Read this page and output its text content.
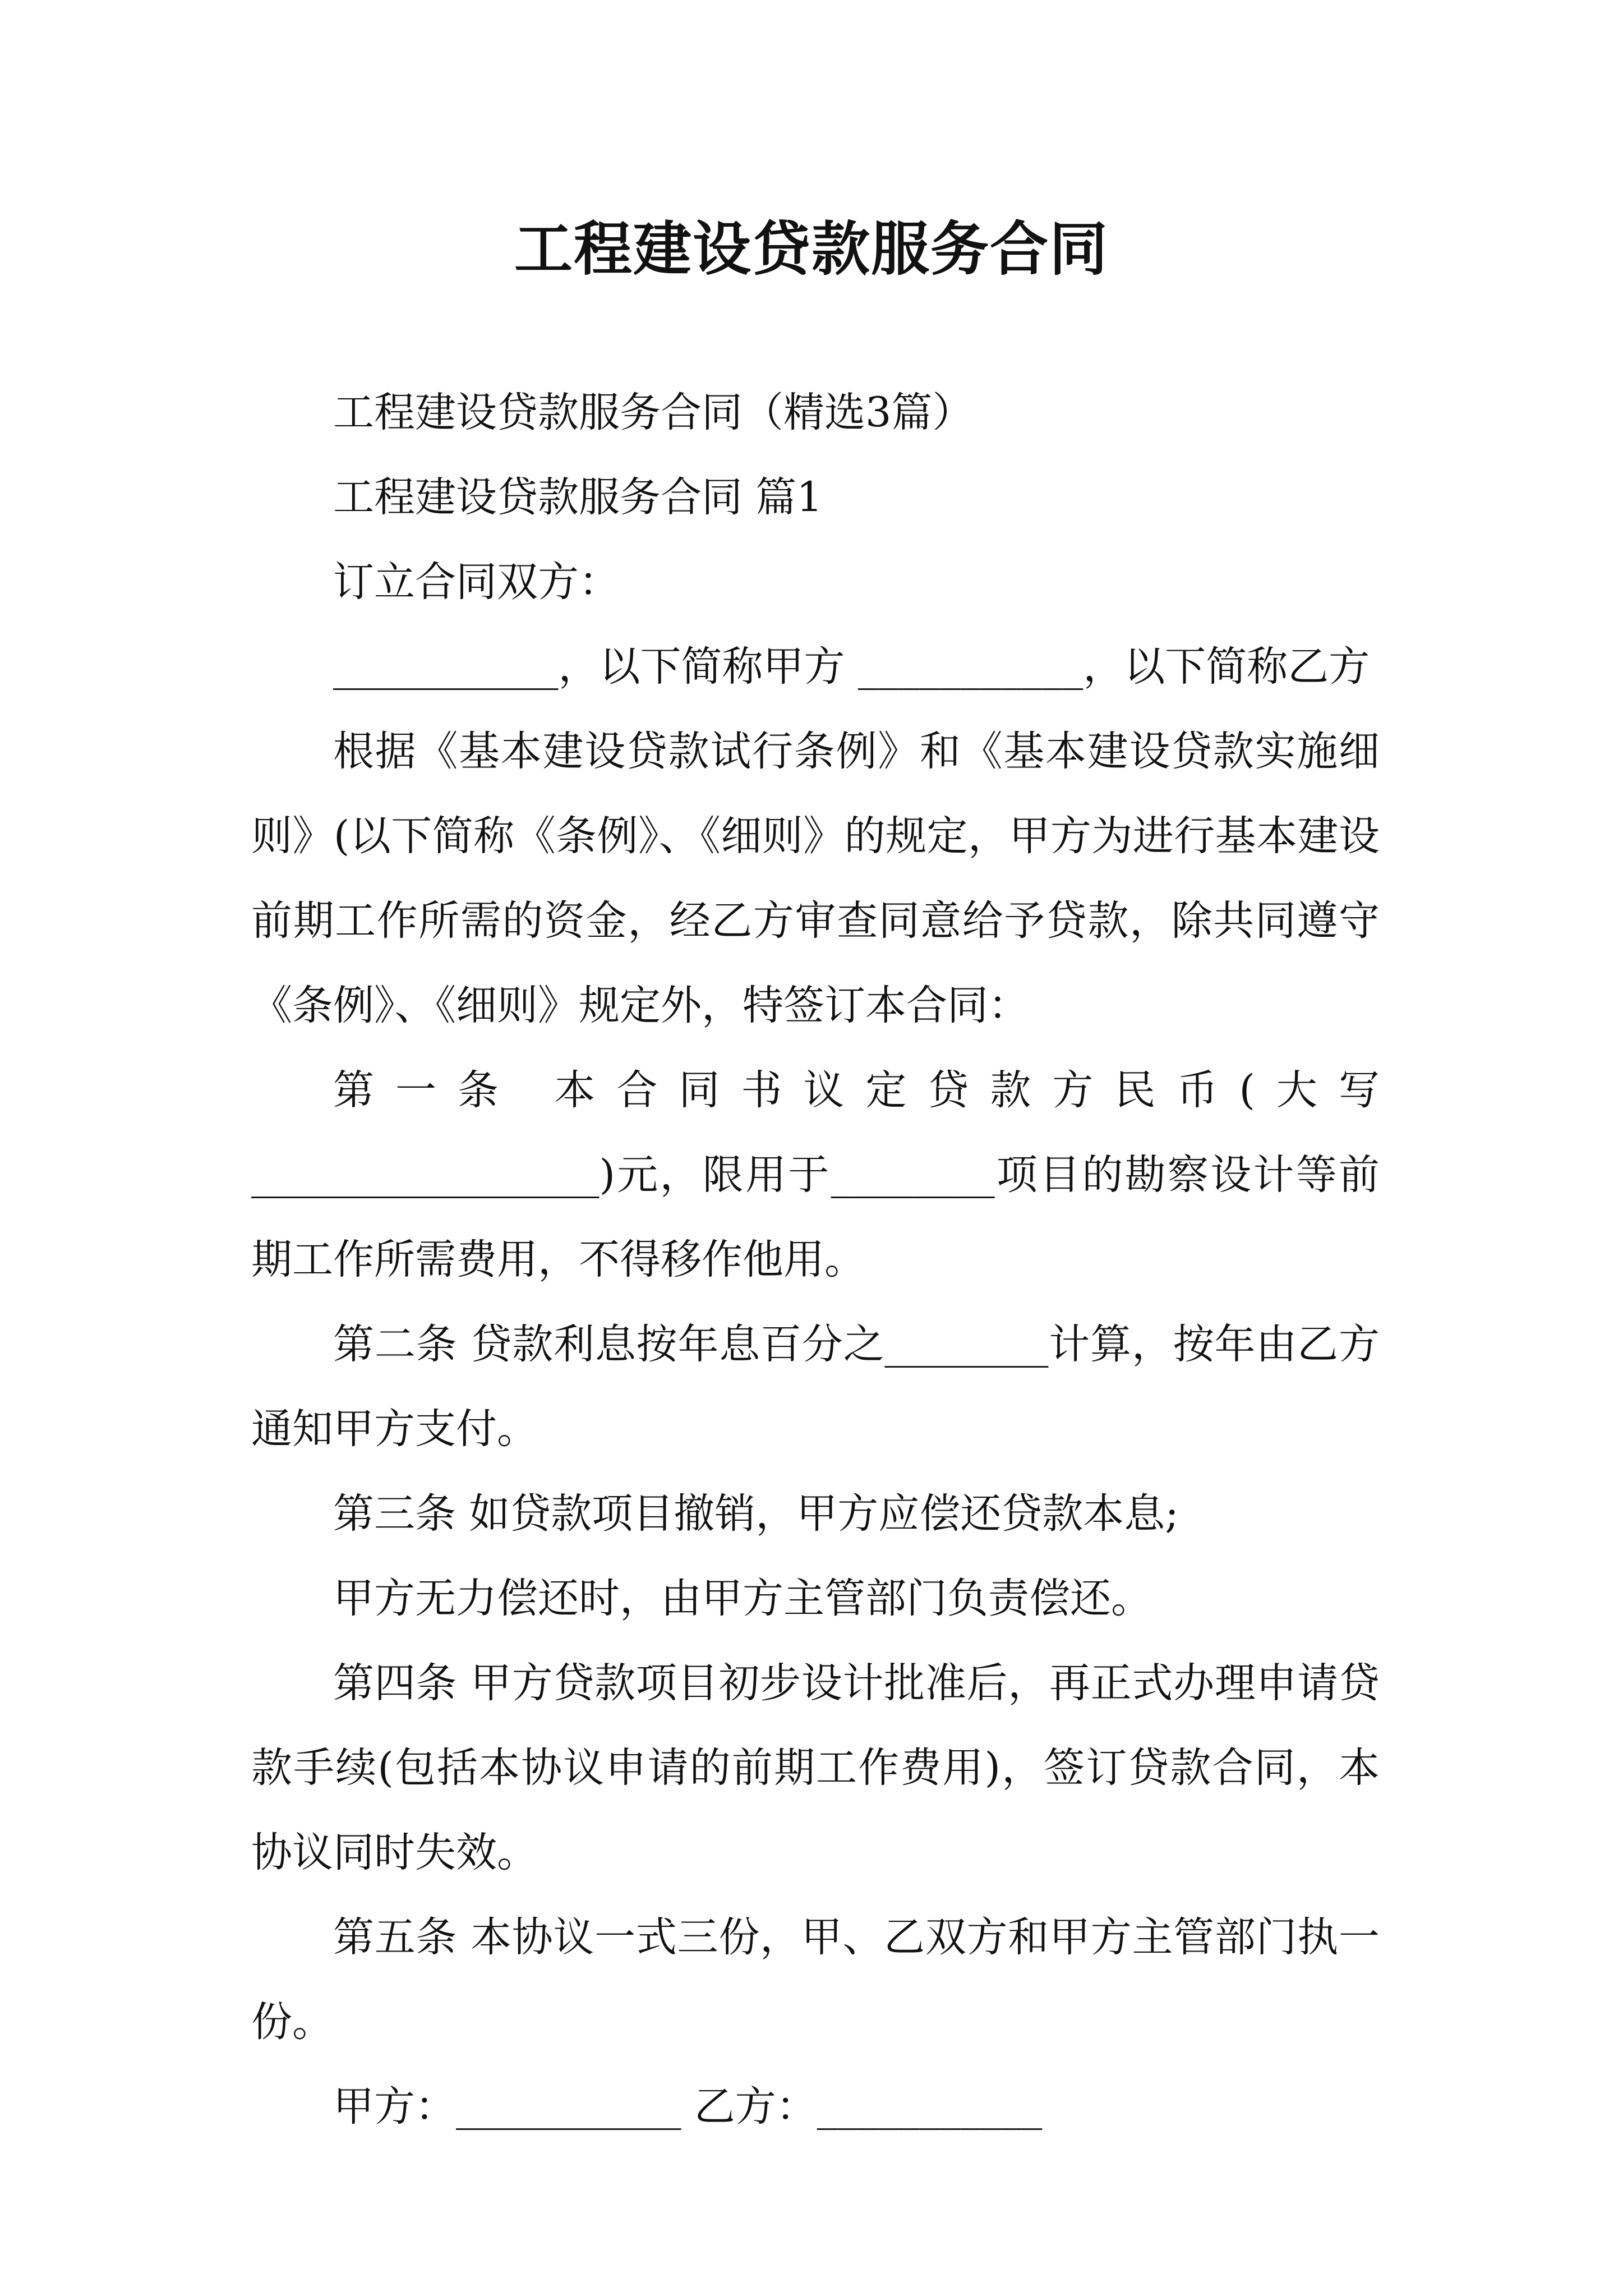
工程建设贷款服务合同

工程建设贷款服务合同（精选3篇）

工程建设贷款服务合同 篇1

订立合同双方：

___________，以下简称甲方 ___________，以下简称乙方

根据《基本建设贷款试行条例》和《基本建设贷款实施细则》(以下简称《条例》、《细则》的规定，甲方为进行基本建设前期工作所需的资金，经乙方审查同意给予贷款，除共同遵守《条例》、《细则》规定外，特签订本合同：

第一条 本合同书议定贷款方民币(大写_________________)元，限用于________项目的勘察设计等前期工作所需费用，不得移作他用。

第二条 贷款利息按年息百分之________计算，按年由乙方通知甲方支付。

第三条 如贷款项目撤销，甲方应偿还贷款本息;

甲方无力偿还时，由甲方主管部门负责偿还。

第四条 甲方贷款项目初步设计批准后，再正式办理申请贷款手续(包括本协议申请的前期工作费用)，签订贷款合同，本协议同时失效。

第五条 本协议一式三份，甲、乙双方和甲方主管部门执一份。

甲方：___________ 乙方：___________
